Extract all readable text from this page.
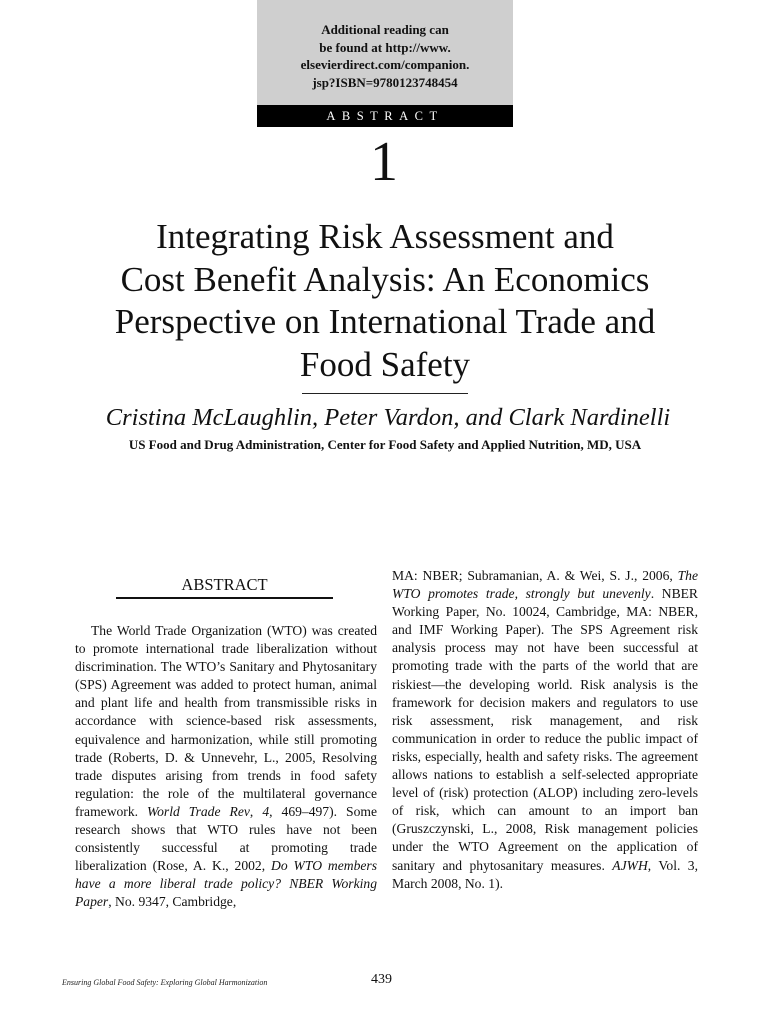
Additional reading can
be found at http://www.
elsevierdirect.com/companion.
jsp?ISBN=9780123748454
ABSTRACT
1
Integrating Risk Assessment and
Cost Benefit Analysis: An Economics
Perspective on International Trade and
Food Safety
Cristina McLaughlin, Peter Vardon, and Clark Nardinelli
US Food and Drug Administration, Center for Food Safety and Applied Nutrition, MD, USA
ABSTRACT
The World Trade Organization (WTO) was created to promote international trade liberalization without discrimination. The WTO’s Sanitary and Phytosanitary (SPS) Agreement was added to protect human, animal and plant life and health from transmissible risks in accordance with science-based risk assessments, equivalence and harmonization, while still promoting trade (Roberts, D. & Unnevehr, L., 2005, Resolving trade disputes arising from trends in food safety regulation: the role of the multilateral governance framework. World Trade Rev, 4, 469–497). Some research shows that WTO rules have not been consistently successful at promoting trade liberalization (Rose, A. K., 2002, Do WTO members have a more liberal trade policy? NBER Working Paper, No. 9347, Cambridge,
MA: NBER; Subramanian, A. & Wei, S. J., 2006, The WTO promotes trade, strongly but unevenly. NBER Working Paper, No. 10024, Cambridge, MA: NBER, and IMF Working Paper). The SPS Agreement risk analysis process may not have been successful at promoting trade with the parts of the world that are riskiest—the developing world. Risk analysis is the framework for decision makers and regulators to use risk assessment, risk management, and risk communication in order to reduce the public impact of risks, especially, health and safety risks. The agreement allows nations to establish a self-selected appropriate level of (risk) protection (ALOP) including zero-levels of risk, which can amount to an import ban (Gruszczynski, L., 2008, Risk management policies under the WTO Agreement on the application of sanitary and phytosanitary measures. AJWH, Vol. 3, March 2008, No. 1).
Ensuring Global Food Safety: Exploring Global Harmonization	439
